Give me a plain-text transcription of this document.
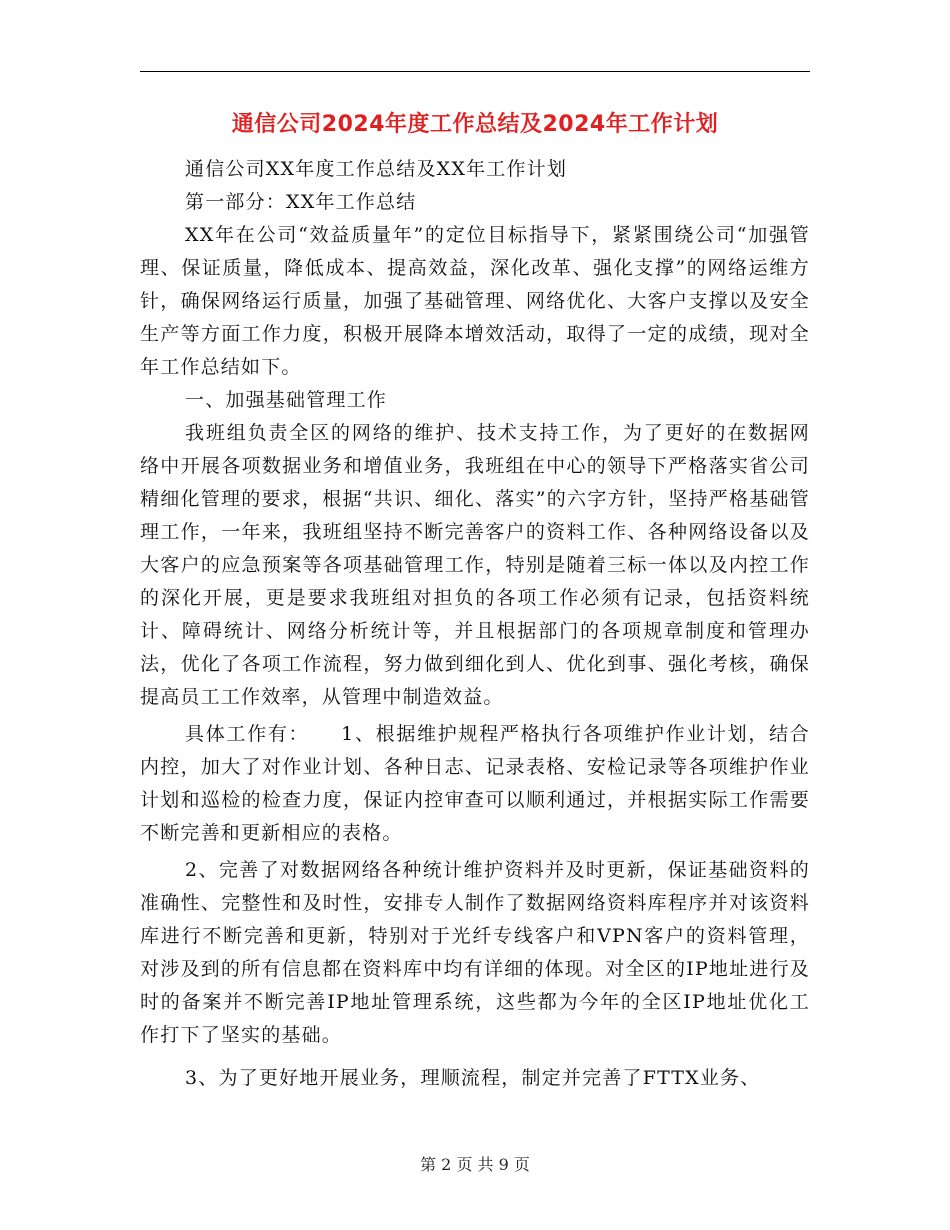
通信公司2024年度工作总结及2024年工作计划

通信公司XX年度工作总结及XX年工作计划

第一部分：XX年工作总结

XX年在公司“效益质量年”的定位目标指导下，紧紧围绕公司“加强管理、保证质量，降低成本、提高效益，深化改革、强化支撑”的网络运维方针，确保网络运行质量，加强了基础管理、网络优化、大客户支撑以及安全生产等方面工作力度，积极开展降本增效活动，取得了一定的成绩，现对全年工作总结如下。

一、加强基础管理工作

我班组负责全区的网络的维护、技术支持工作，为了更好的在数据网络中开展各项数据业务和增值业务，我班组在中心的领导下严格落实省公司精细化管理的要求，根据“共识、细化、落实”的六字方针，坚持严格基础管理工作，一年来，我班组坚持不断完善客户的资料工作、各种网络设备以及大客户的应急预案等各项基础管理工作，特别是随着三标一体以及内控工作的深化开展，更是要求我班组对担负的各项工作必须有记录，包括资料统计、障碍统计、网络分析统计等，并且根据部门的各项规章制度和管理办法，优化了各项工作流程，努力做到细化到人、优化到事、强化考核，确保提高员工工作效率，从管理中制造效益。

具体工作有：　　1、根据维护规程严格执行各项维护作业计划，结合内控，加大了对作业计划、各种日志、记录表格、安检记录等各项维护作业计划和巡检的检查力度，保证内控审查可以顺利通过，并根据实际工作需要不断完善和更新相应的表格。

2、完善了对数据网络各种统计维护资料并及时更新，保证基础资料的准确性、完整性和及时性，安排专人制作了数据网络资料库程序并对该资料库进行不断完善和更新，特别对于光纤专线客户和VPN客户的资料管理，对涉及到的所有信息都在资料库中均有详细的体现。对全区的IP地址进行及时的备案并不断完善IP地址管理系统，这些都为今年的全区IP地址优化工作打下了坚实的基础。

3、为了更好地开展业务，理顺流程，制定并完善了FTTX业务、

第 2 页 共 9 页
